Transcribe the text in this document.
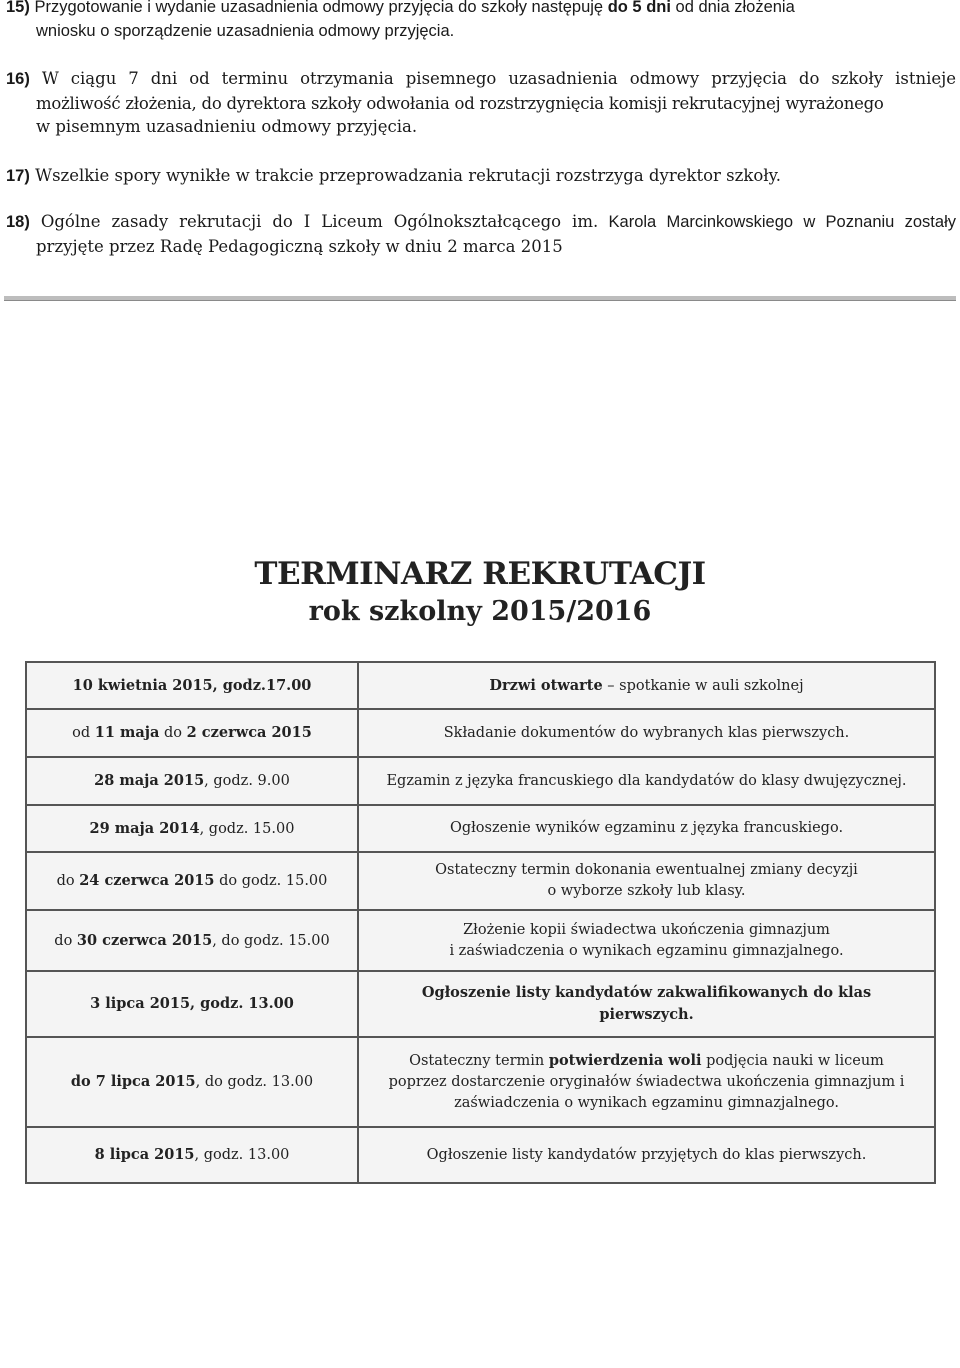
15) Przygotowanie i wydanie uzasadnienia odmowy przyjęcia do szkoły następuję do 5 dni od dnia złożenia
wniosku o sporządzenie uzasadnienia odmowy przyjęcia.
16) W ciągu 7 dni od terminu otrzymania pisemnego uzasadnienia odmowy przyjęcia do szkoły istnieje
możliwość złożenia, do dyrektora szkoły odwołania od rozstrzygnięcia komisji rekrutacyjnej wyrażonego
w pisemnym uzasadnieniu odmowy przyjęcia.
17) Wszelkie spory wynikłe w trakcie przeprowadzania rekrutacji rozstrzyga dyrektor szkoły.
18) Ogólne zasady rekrutacji do I Liceum Ogólnokształcącego im. Karola Marcinkowskiego w Poznaniu zostały
przyjęte przez Radę Pedagogiczną szkoły w dniu 2 marca 2015
TERMINARZ REKRUTACJI
rok szkolny 2015/2016
10 kwietnia 2015, godz.17.00	Drzwi otwarte – spotkanie w auli szkolnej
od 11 maja do 2 czerwca 2015	Składanie dokumentów do wybranych klas pierwszych.
28 maja 2015, godz. 9.00	Egzamin z języka francuskiego dla kandydatów do klasy dwujęzycznej.
29 maja 2014, godz. 15.00	Ogłoszenie wyników egzaminu z języka francuskiego.
do 24 czerwca 2015 do godz. 15.00	Ostateczny termin dokonania ewentualnej zmiany decyzji
o wyborze szkoły lub klasy.
do 30 czerwca 2015, do godz. 15.00	Złożenie kopii świadectwa ukończenia gimnazjum
i zaświadczenia o wynikach egzaminu gimnazjalnego.
3 lipca 2015, godz. 13.00	Ogłoszenie listy kandydatów zakwalifikowanych do klas
pierwszych.
do 7 lipca 2015, do godz. 13.00	Ostateczny termin potwierdzenia woli podjęcia nauki w liceum
poprzez dostarczenie oryginałów świadectwa ukończenia gimnazjum i
zaświadczenia o wynikach egzaminu gimnazjalnego.
8 lipca 2015, godz. 13.00	Ogłoszenie listy kandydatów przyjętych do klas pierwszych.
